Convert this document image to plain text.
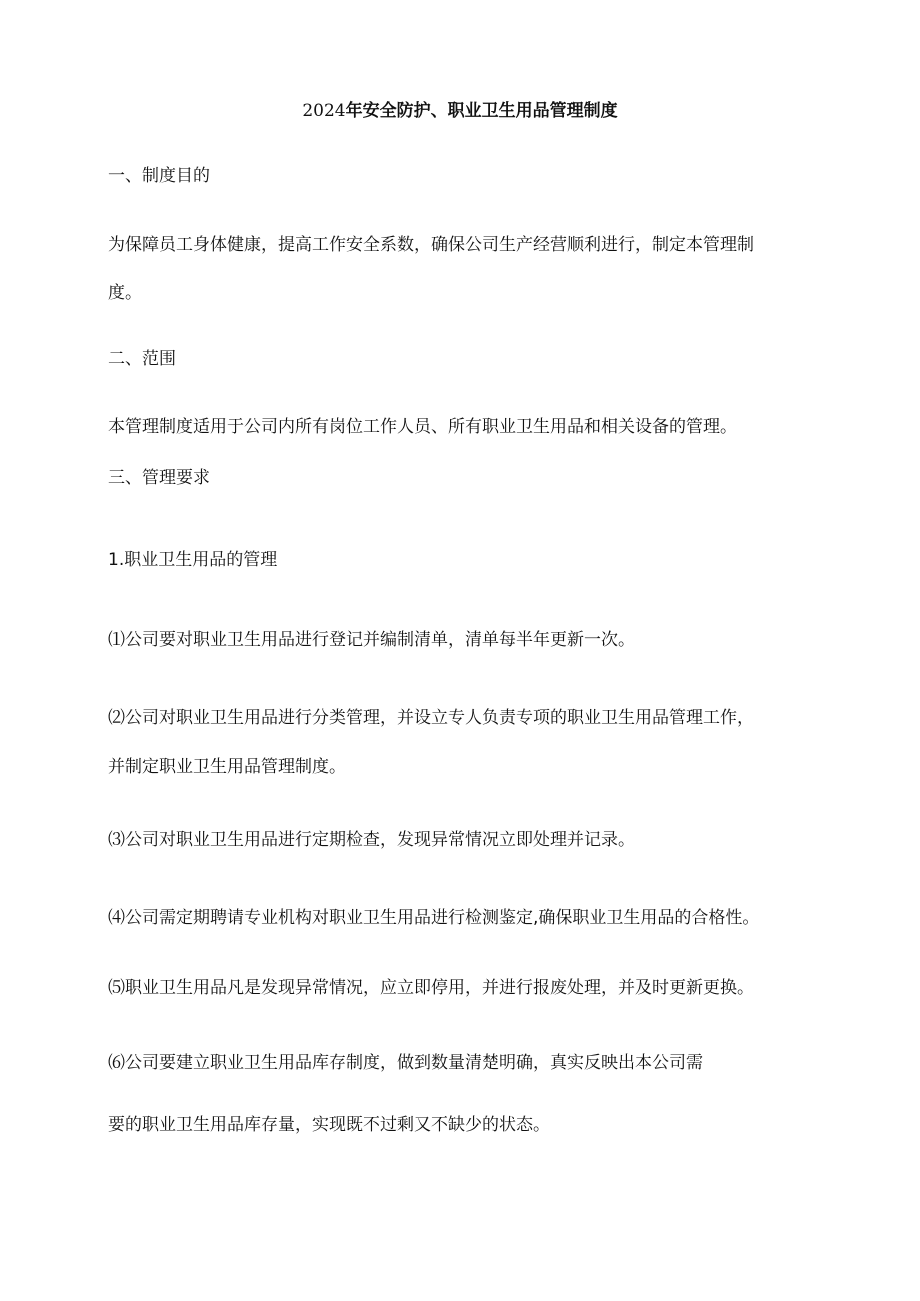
2024年安全防护、职业卫生用品管理制度

一、制度目的

为保障员工身体健康，提高工作安全系数，确保公司生产经营顺利进行，制定本管理制

度。

二、范围

本管理制度适用于公司内所有岗位工作人员、所有职业卫生用品和相关设备的管理。

三、管理要求

1.职业卫生用品的管理

⑴公司要对职业卫生用品进行登记并编制清单，清单每半年更新一次。

⑵公司对职业卫生用品进行分类管理，并设立专人负责专项的职业卫生用品管理工作，

并制定职业卫生用品管理制度。

⑶公司对职业卫生用品进行定期检查，发现异常情况立即处理并记录。

⑷公司需定期聘请专业机构对职业卫生用品进行检测鉴定,确保职业卫生用品的合格性。

⑸职业卫生用品凡是发现异常情况，应立即停用，并进行报废处理，并及时更新更换。

⑹公司要建立职业卫生用品库存制度，做到数量清楚明确，真实反映出本公司需

要的职业卫生用品库存量，实现既不过剩又不缺少的状态。
